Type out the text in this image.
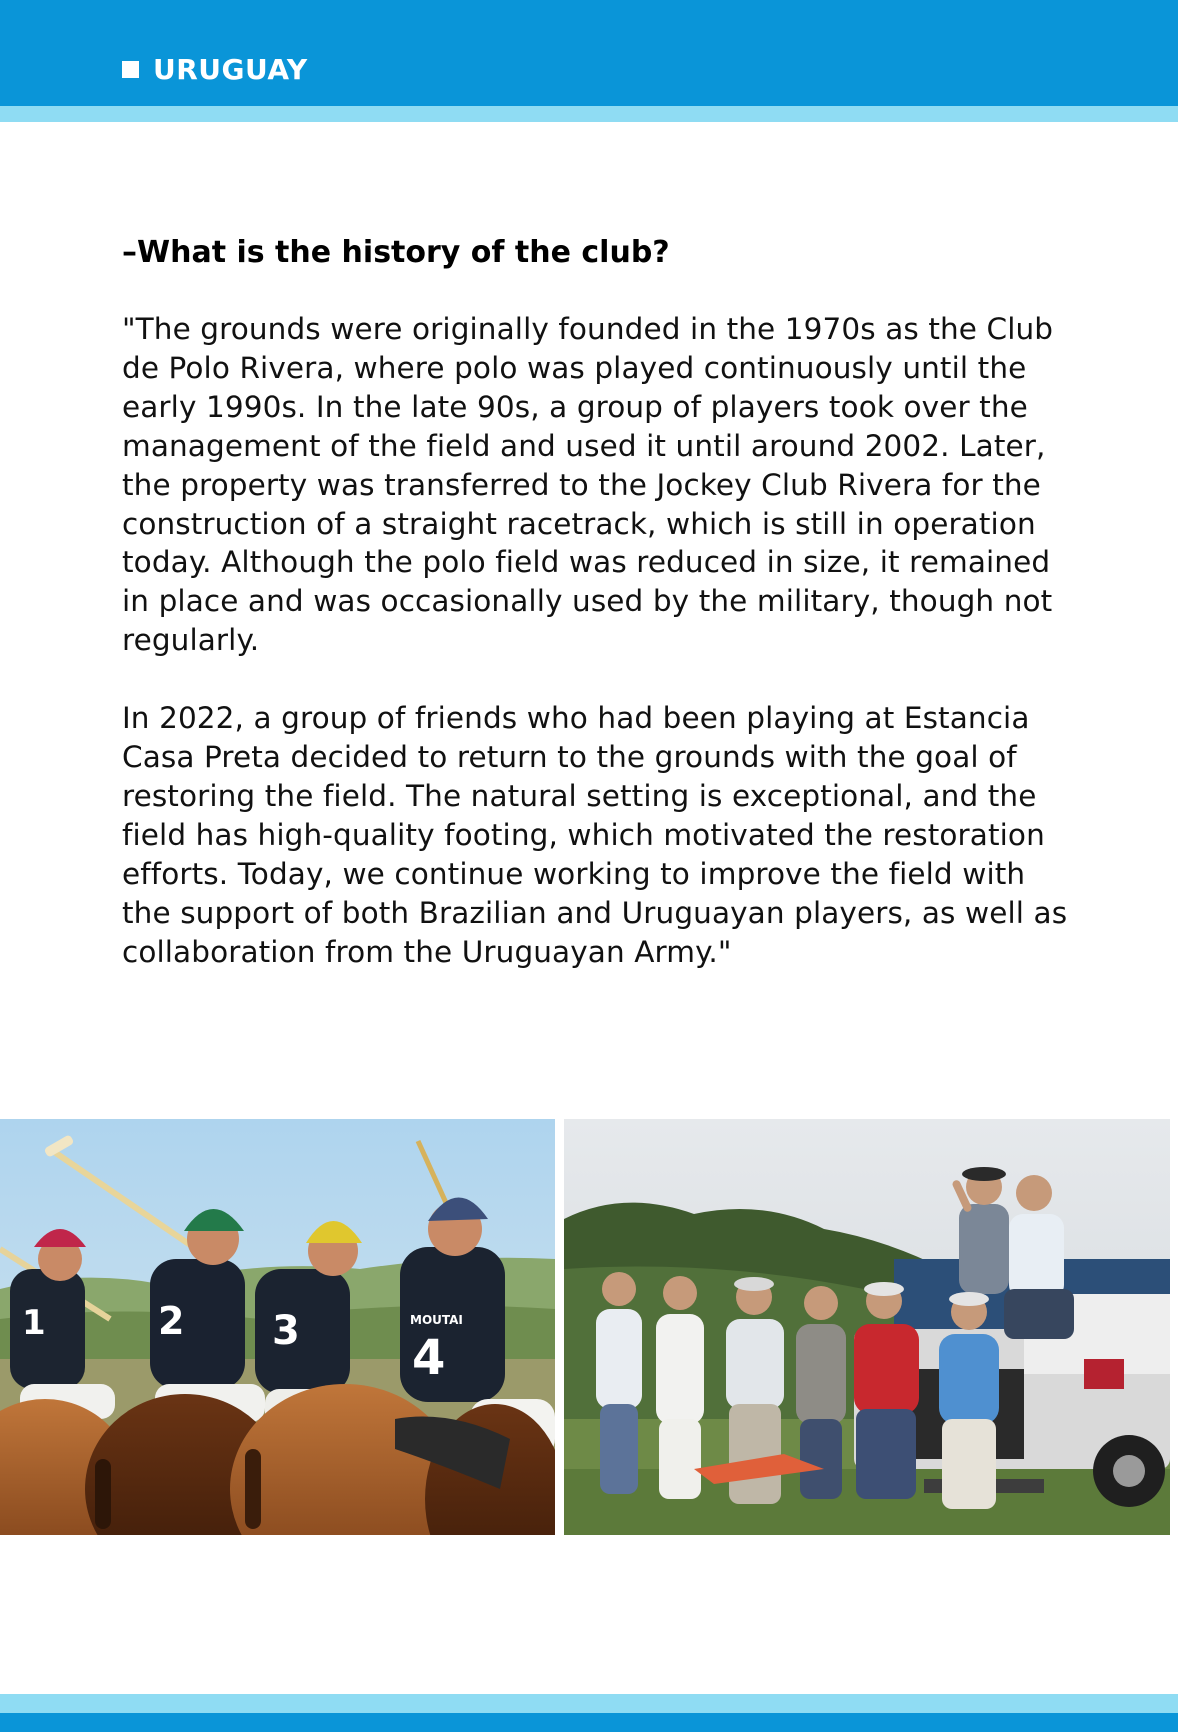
URUGUAY

–What is the history of the club?

"The grounds were originally founded in the 1970s as the Club de Polo Rivera, where polo was played continuously until the early 1990s. In the late 90s, a group of players took over the management of the field and used it until around 2002. Later, the property was transferred to the Jockey Club Rivera for the construction of a straight racetrack, which is still in operation today. Although the polo field was reduced in size, it remained in place and was occasionally used by the military, though not regularly.

In 2022, a group of friends who had been playing at Estancia Casa Preta decided to return to the grounds with the goal of restoring the field. The natural setting is exceptional, and the field has high-quality footing, which motivated the restoration efforts. Today, we continue working to improve the field with the support of both Brazilian and Uruguayan players, as well as collaboration from the Uruguayan Army."

1	2 3	MOUTAI
4
